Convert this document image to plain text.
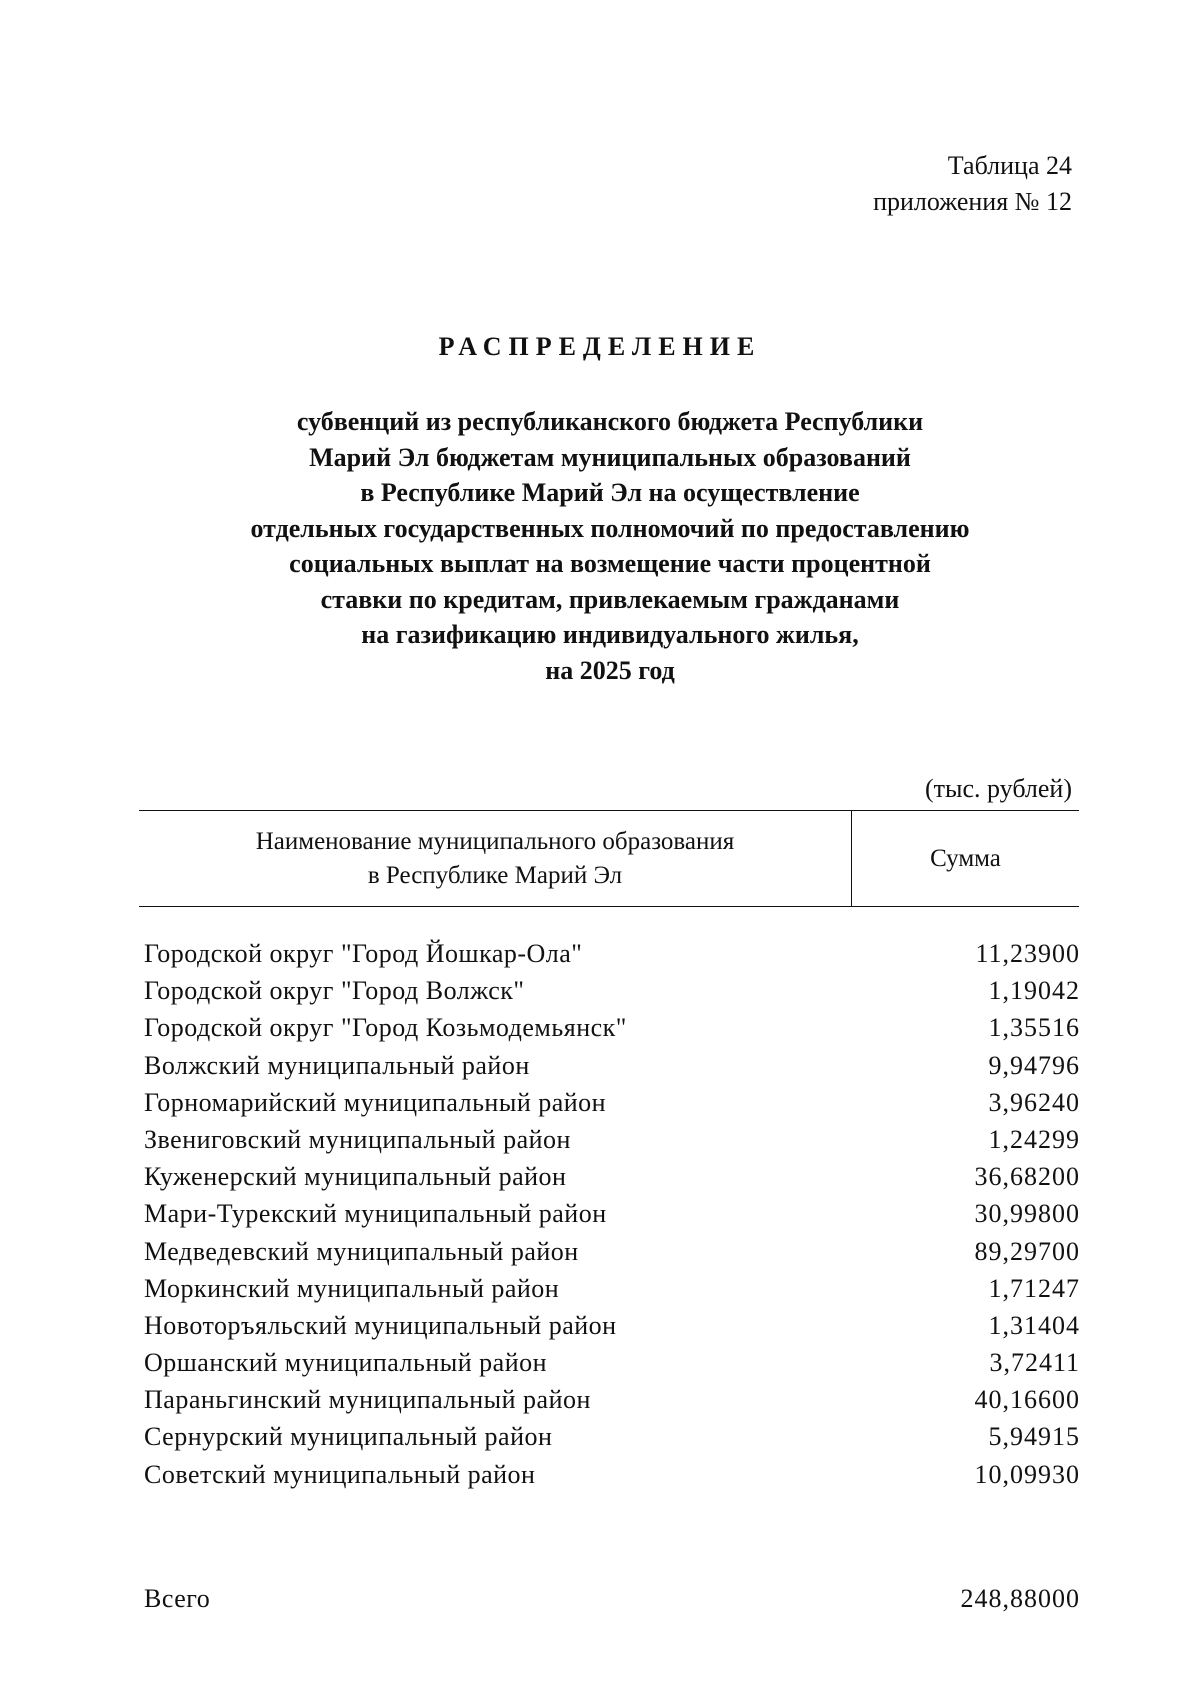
Таблица 24
приложения № 12
РАСПРЕДЕЛЕНИЕ
субвенций из республиканского бюджета Республики
Марий Эл бюджетам муниципальных образований
в Республике Марий Эл на осуществление
отдельных государственных полномочий по предоставлению
социальных выплат на возмещение части процентной
ставки по кредитам, привлекаемым гражданами
на газификацию индивидуального жилья,
на 2025 год
(тыс. рублей)
Наименование муниципального образования
в Республике Марий Эл
Сумма
Городской округ "Город Йошкар-Ола"	11,23900
Городской округ "Город Волжск"	1,19042
Городской округ "Город Козьмодемьянск"	1,35516
Волжский муниципальный район	9,94796
Горномарийский муниципальный район	3,96240
Звениговский муниципальный район	1,24299
Куженерский муниципальный район	36,68200
Мари-Турекский муниципальный район	30,99800
Медведевский муниципальный район	89,29700
Моркинский муниципальный район	1,71247
Новоторъяльский муниципальный район	1,31404
Оршанский муниципальный район	3,72411
Параньгинский муниципальный район	40,16600
Сернурский муниципальный район	5,94915
Советский муниципальный район	10,09930
Всего	248,88000
